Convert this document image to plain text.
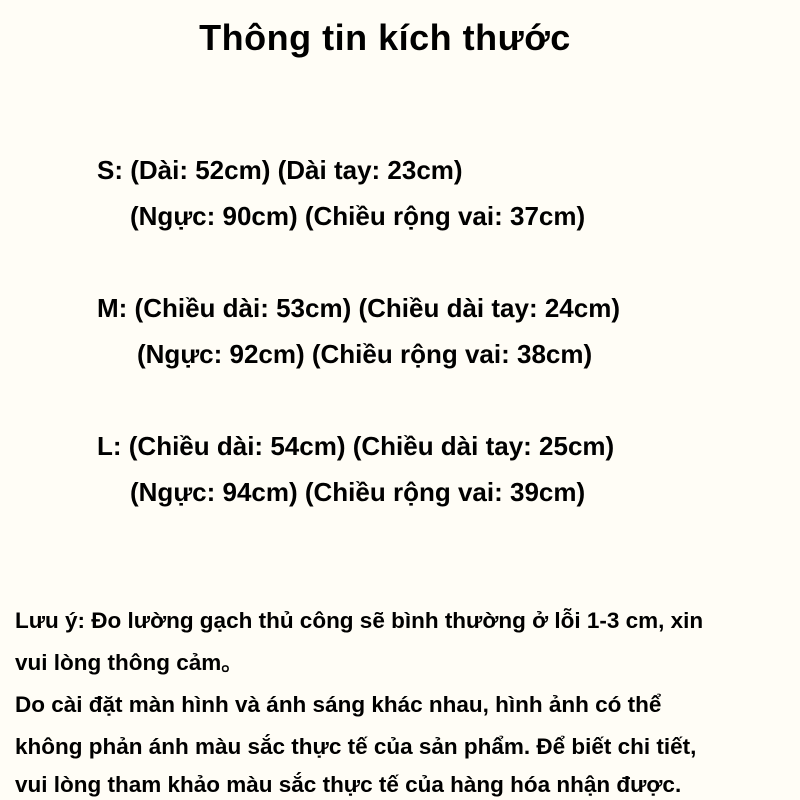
Thông tin kích thước
S: (Dài: 52cm) (Dài tay: 23cm)
(Ngực: 90cm) (Chiều rộng vai: 37cm)
M: (Chiều dài: 53cm) (Chiều dài tay: 24cm)
(Ngực: 92cm) (Chiều rộng vai: 38cm)
L: (Chiều dài: 54cm) (Chiều dài tay: 25cm)
(Ngực: 94cm) (Chiều rộng vai: 39cm)
Lưu ý: Đo lường gạch thủ công sẽ bình thường ở lỗi 1-3 cm, xin
vui lòng thông cảm。
Do cài đặt màn hình và ánh sáng khác nhau, hình ảnh có thể
không phản ánh màu sắc thực tế của sản phẩm. Để biết chi tiết,
vui lòng tham khảo màu sắc thực tế của hàng hóa nhận được.
